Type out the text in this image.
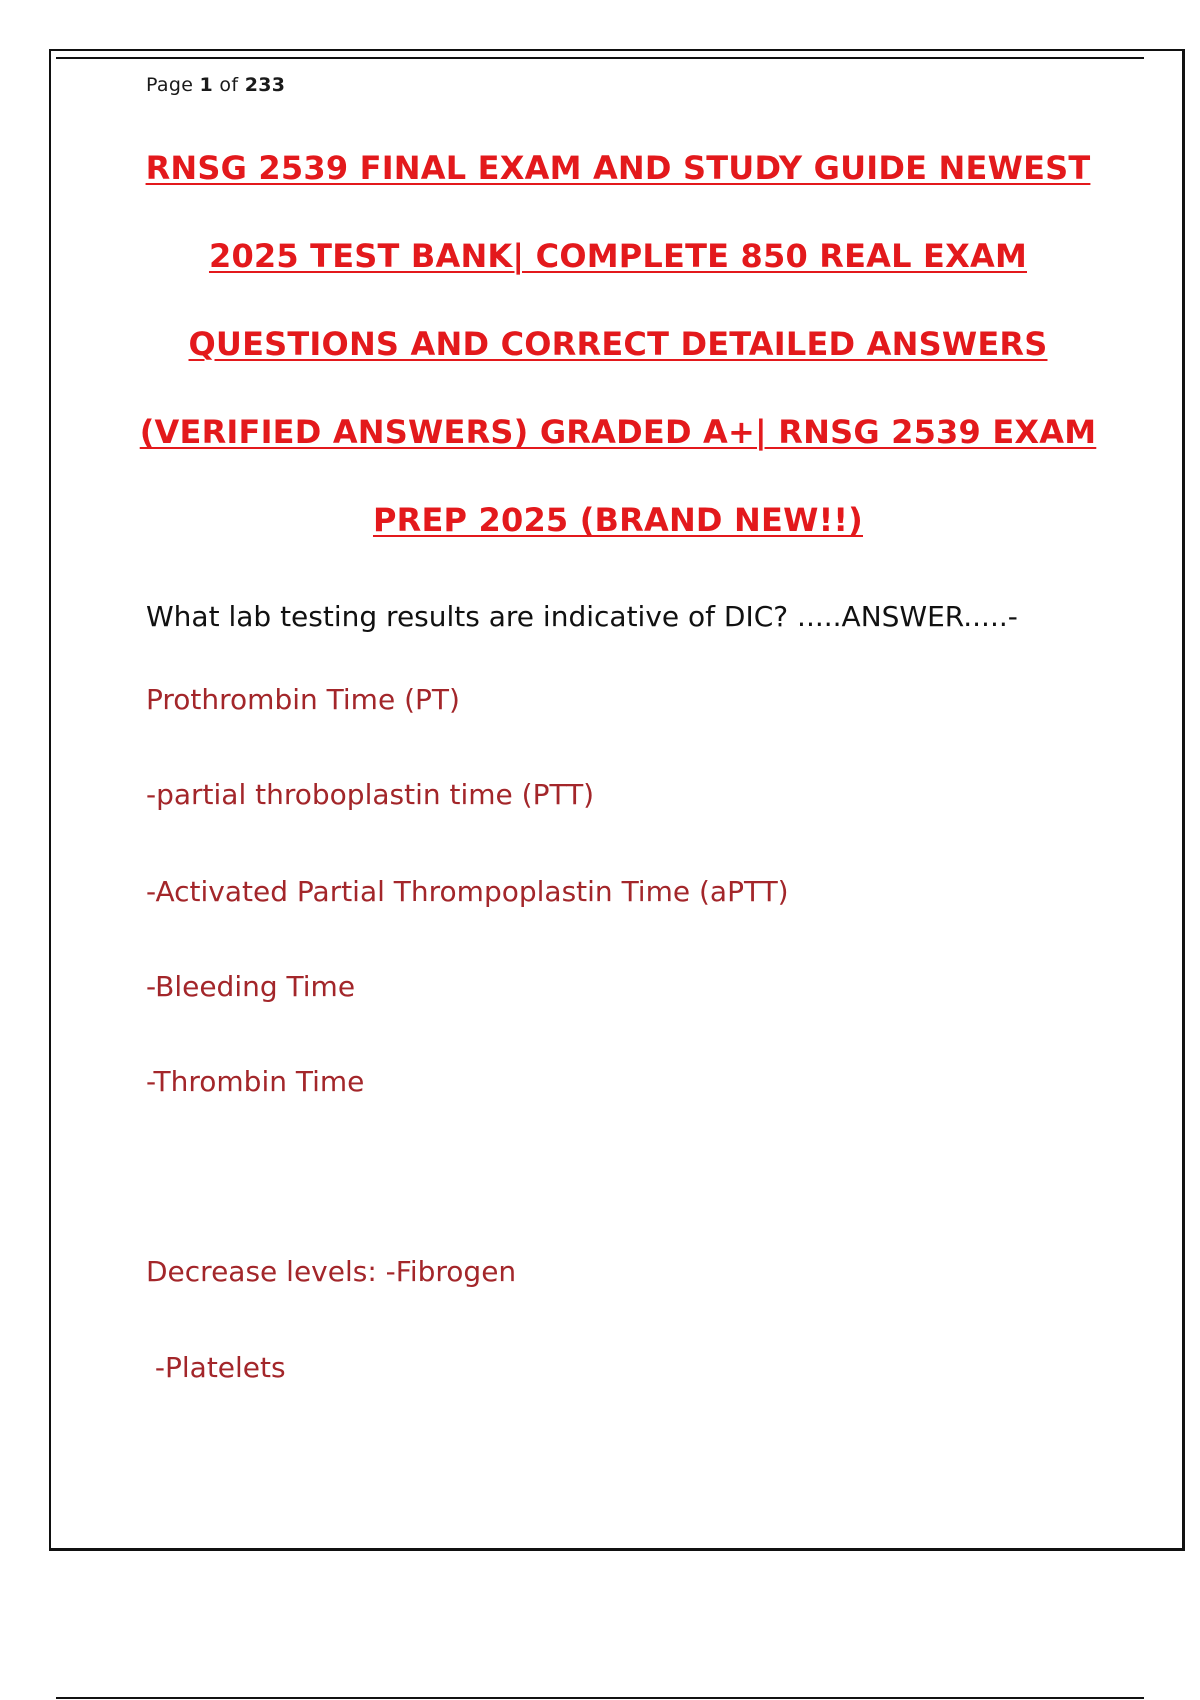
Page 1 of 233
RNSG 2539 FINAL EXAM AND STUDY GUIDE NEWEST
2025 TEST BANK| COMPLETE 850 REAL EXAM
QUESTIONS AND CORRECT DETAILED ANSWERS
(VERIFIED ANSWERS) GRADED A+| RNSG 2539 EXAM
PREP 2025 (BRAND NEW!!)
What lab testing results are indicative of DIC? .....ANSWER.....-
Prothrombin Time (PT)
-partial throboplastin time (PTT)
-Activated Partial Thrompoplastin Time (aPTT)
-Bleeding Time
-Thrombin Time
Decrease levels: -Fibrogen
-Platelets
